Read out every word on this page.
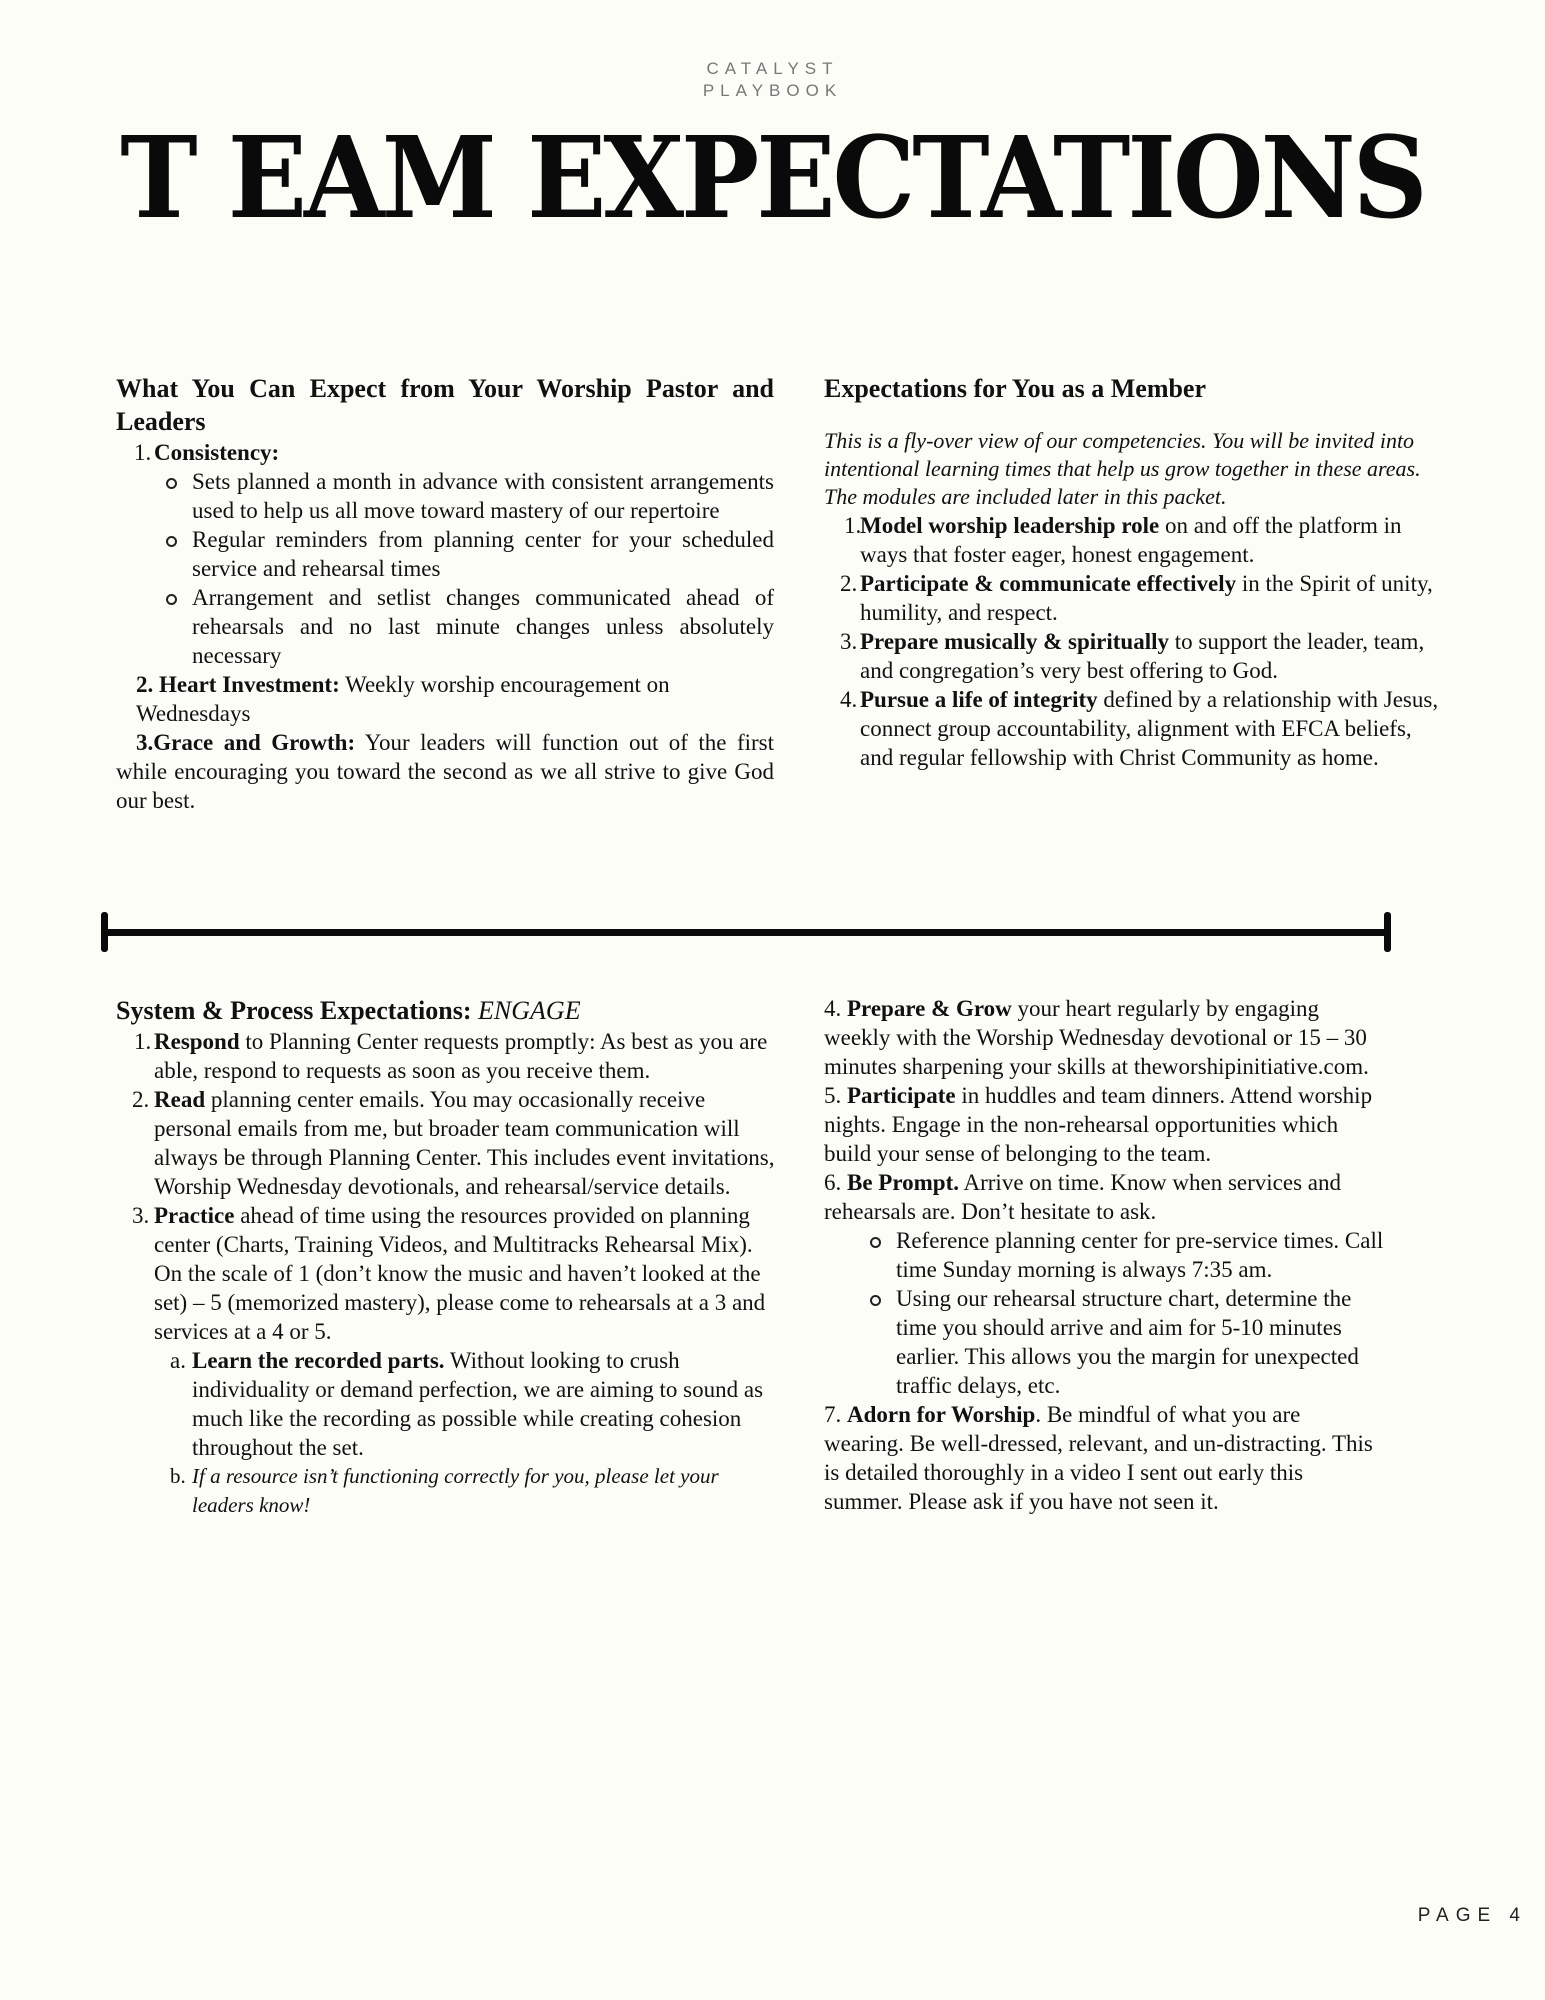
CATALYST
PLAYBOOK
T EAM EXPECTATIONS
What You Can Expect from Your Worship Pastor and Leaders
1. Consistency:
Sets planned a month in advance with consistent arrangements used to help us all move toward mastery of our repertoire
Regular reminders from planning center for your scheduled service and rehearsal times
Arrangement and setlist changes communicated ahead of rehearsals and no last minute changes unless absolutely necessary

2. Heart Investment: Weekly worship encouragement on Wednesdays

3.Grace and Growth: Your leaders will function out of the first while encouraging you toward the second as we all strive to give God our best.

Expectations for You as a Member

This is a fly-over view of our competencies. You will be invited into intentional learning times that help us grow together in these areas. The modules are included later in this packet.

1.
Model worship leadership role on and off the platform in ways that foster eager, honest engagement.
2. Participate & communicate effectively in the Spirit of unity, humility, and respect.
3. Prepare musically & spiritually to support the leader, team, and congregation’s very best offering to God.
4. Pursue a life of integrity defined by a relationship with Jesus, connect group accountability, alignment with EFCA beliefs, and regular fellowship with Christ Community as home.
System & Process Expectations: ENGAGE
1. Respond to Planning Center requests promptly: As best as you are able, respond to requests as soon as you receive them.
2. Read planning center emails. You may occasionally receive personal emails from me, but broader team communication will always be through Planning Center. This includes event invitations, Worship Wednesday devotionals, and rehearsal/service details.
3. Practice ahead of time using the resources provided on planning center (Charts, Training Videos, and Multitracks Rehearsal Mix). On the scale of 1 (don’t know the music and haven’t looked at the set) – 5 (memorized mastery), please come to rehearsals at a 3 and services at a 4 or 5.
a. Learn the recorded parts. Without looking to crush individuality or demand perfection, we are aiming to sound as much like the recording as possible while creating cohesion throughout the set.
b. If a resource isn’t functioning correctly for you, please let your leaders know!

4. Prepare & Grow your heart regularly by engaging weekly with the Worship Wednesday devotional or 15 – 30 minutes sharpening your skills at theworshipinitiative.com.

5. Participate in huddles and team dinners. Attend worship nights. Engage in the non-rehearsal opportunities which build your sense of belonging to the team.

6. Be Prompt. Arrive on time. Know when services and rehearsals are. Don’t hesitate to ask.

Reference planning center for pre-service times. Call time Sunday morning is always 7:35 am.
Using our rehearsal structure chart, determine the time you should arrive and aim for 5-10 minutes earlier. This allows you the margin for unexpected traffic delays, etc.

7. Adorn for Worship. Be mindful of what you are wearing. Be well-dressed, relevant, and un-distracting. This is detailed thoroughly in a video I sent out early this summer. Please ask if you have not seen it.

PAGE 4
